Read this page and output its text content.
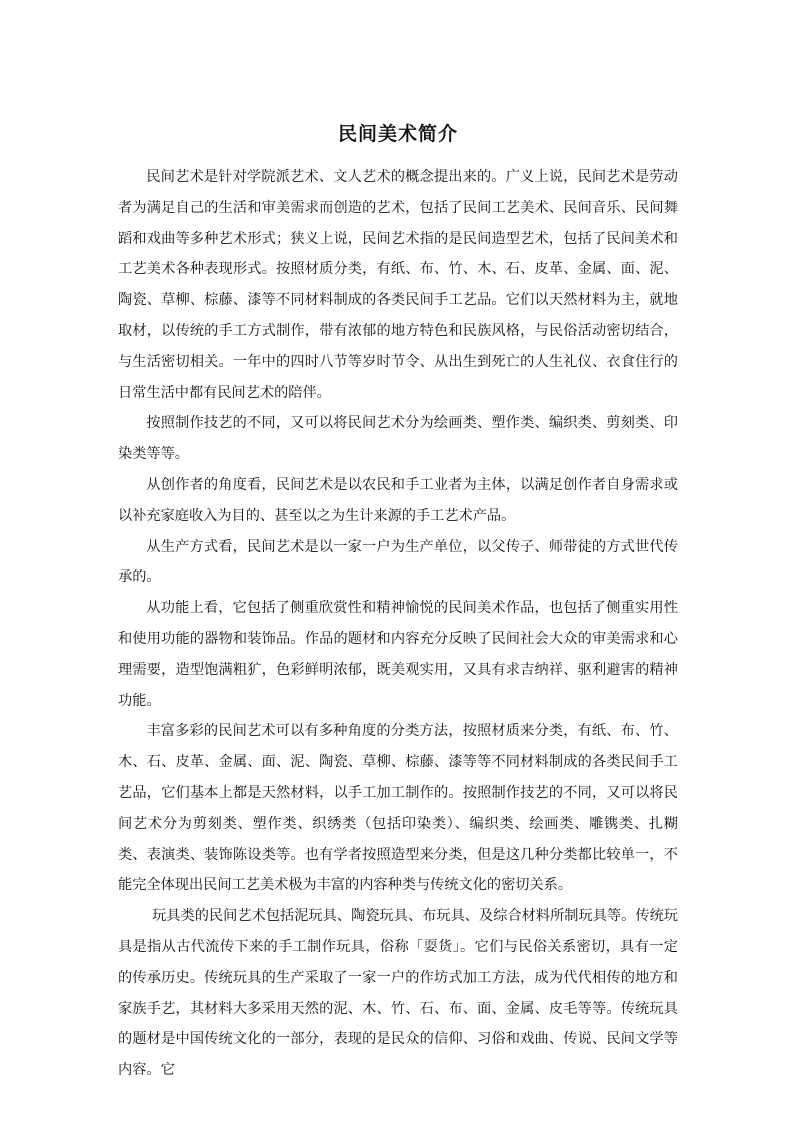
民间美术简介

民间艺术是针对学院派艺术、文人艺术的概念提出来的。广义上说，民间艺术是劳动者为满足自己的生活和审美需求而创造的艺术，包括了民间工艺美术、民间音乐、民间舞蹈和戏曲等多种艺术形式；狭义上说，民间艺术指的是民间造型艺术，包括了民间美术和工艺美术各种表现形式。按照材质分类，有纸、布、竹、木、石、皮革、金属、面、泥、陶瓷、草柳、棕藤、漆等不同材料制成的各类民间手工艺品。它们以天然材料为主，就地取材，以传统的手工方式制作，带有浓郁的地方特色和民族风格，与民俗活动密切结合，与生活密切相关。一年中的四时八节等岁时节令、从出生到死亡的人生礼仪、衣食住行的日常生活中都有民间艺术的陪伴。

按照制作技艺的不同，又可以将民间艺术分为绘画类、塑作类、编织类、剪刻类、印染类等等。

从创作者的角度看，民间艺术是以农民和手工业者为主体，以满足创作者自身需求或以补充家庭收入为目的、甚至以之为生计来源的手工艺术产品。

从生产方式看，民间艺术是以一家一户为生产单位，以父传子、师带徒的方式世代传承的。

从功能上看，它包括了侧重欣赏性和精神愉悦的民间美术作品，也包括了侧重实用性和使用功能的器物和装饰品。作品的题材和内容充分反映了民间社会大众的审美需求和心理需要，造型饱满粗犷，色彩鲜明浓郁，既美观实用，又具有求吉纳祥、驱利避害的精神功能。

丰富多彩的民间艺术可以有多种角度的分类方法，按照材质来分类，有纸、布、竹、木、石、皮革、金属、面、泥、陶瓷、草柳、棕藤、漆等等不同材料制成的各类民间手工艺品，它们基本上都是天然材料，以手工加工制作的。按照制作技艺的不同，又可以将民间艺术分为剪刻类、塑作类、织绣类（包括印染类）、编织类、绘画类、雕镌类、扎糊类、表演类、装饰陈设类等。也有学者按照造型来分类，但是这几种分类都比较单一，不能完全体现出民间工艺美术极为丰富的内容种类与传统文化的密切关系。

玩具类的民间艺术包括泥玩具、陶瓷玩具、布玩具、及综合材料所制玩具等。传统玩具是指从古代流传下来的手工制作玩具，俗称「耍货」。它们与民俗关系密切，具有一定的传承历史。传统玩具的生产采取了一家一户的作坊式加工方法，成为代代相传的地方和家族手艺，其材料大多采用天然的泥、木、竹、石、布、面、金属、皮毛等等。传统玩具的题材是中国传统文化的一部分，表现的是民众的信仰、习俗和戏曲、传说、民间文学等内容。它
